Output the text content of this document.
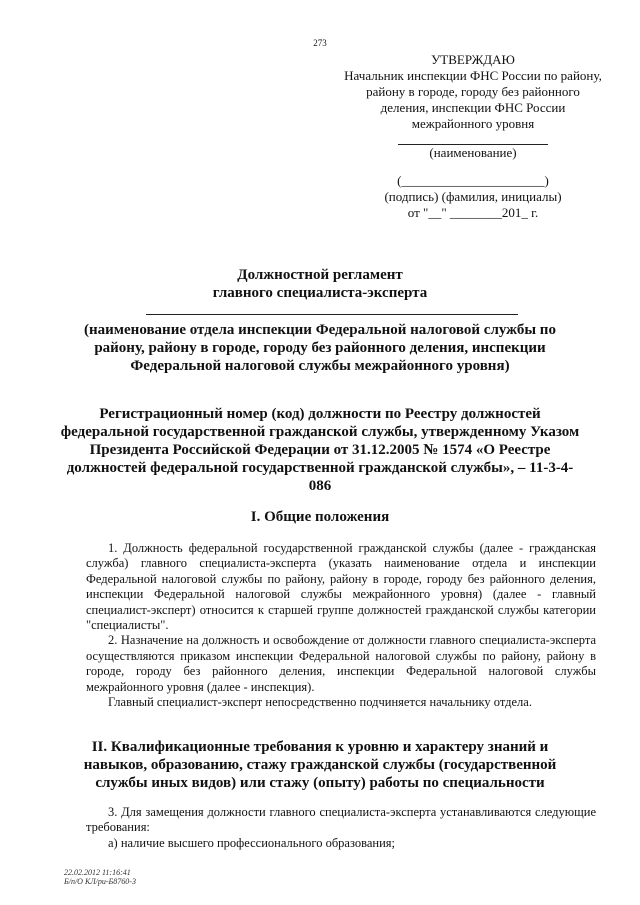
273
УТВЕРЖДАЮ
Начальник инспекции ФНС России по району,
району в городе, городу без районного
деления, инспекции ФНС России
межрайонного уровня
(наименование)
(______________________)
(подпись) (фамилия, инициалы)
от "__" ________201_ г.
Должностной регламент
главного специалиста-эксперта
(наименование отдела инспекции Федеральной налоговой службы по району, району в городе, городу без районного деления, инспекции Федеральной налоговой службы межрайонного уровня)
Регистрационный номер (код) должности по Реестру должностей федеральной государственной гражданской службы, утвержденному Указом Президента Российской Федерации от 31.12.2005 № 1574 «О Реестре должностей федеральной государственной гражданской службы», – 11-3-4-086
I. Общие положения

1. Должность федеральной государственной гражданской службы (далее - гражданская служба) главного специалиста-эксперта (указать наименование отдела и инспекции Федеральной налоговой службы по району, району в городе, городу без районного деления, инспекции Федеральной налоговой службы межрайонного уровня) (далее - главный специалист-эксперт) относится к старшей группе должностей гражданской службы категории "специалисты".

2. Назначение на должность и освобождение от должности главного специалиста-эксперта осуществляются приказом инспекции Федеральной налоговой службы по району, району в городе, городу без районного деления, инспекции Федеральной налоговой службы межрайонного уровня (далее - инспекция).

Главный специалист-эксперт непосредственно подчиняется начальнику отдела.

II. Квалификационные требования к уровню и характеру знаний и навыков, образованию, стажу гражданской службы (государственной службы иных видов) или стажу (опыту) работы по специальности

3. Для замещения должности главного специалиста-эксперта устанавливаются следующие требования:

а) наличие высшего профессионального образования;

22.02.2012 11:16:41
Б/п/О КЛ/ри-Б8760-3
